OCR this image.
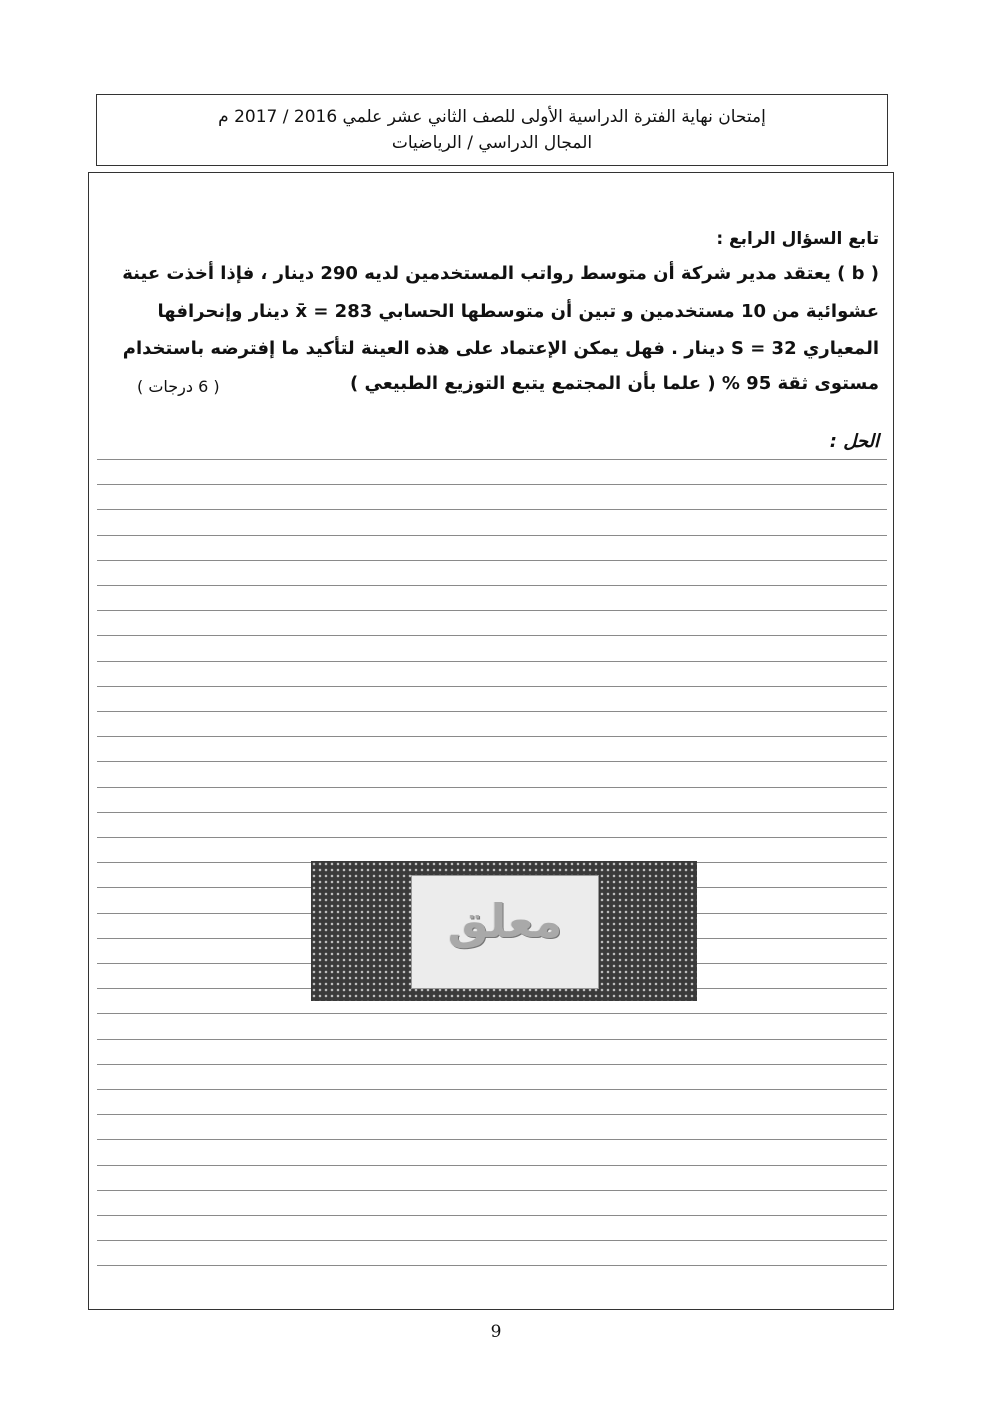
إمتحان نهاية الفترة الدراسية الأولى للصف الثاني عشر علمي 2016 / 2017 م
المجال الدراسي / الرياضيات
تابع السؤال الرابع :
( b ) يعتقد مدير شركة أن متوسط رواتب المستخدمين لديه 290 دينار ، فإذا أخذت عينة
عشوائية من 10 مستخدمين و تبين أن متوسطها الحسابي x̄ = 283 دينار وإنحرافها
المعياري S = 32 دينار . فهل يمكن الإعتماد على هذه العينة لتأكيد ما إفترضه باستخدام
مستوى ثقة 95 % ( علما بأن المجتمع يتبع التوزيع الطبيعي )
( 6 درجات )
الحل :
معلق
9
